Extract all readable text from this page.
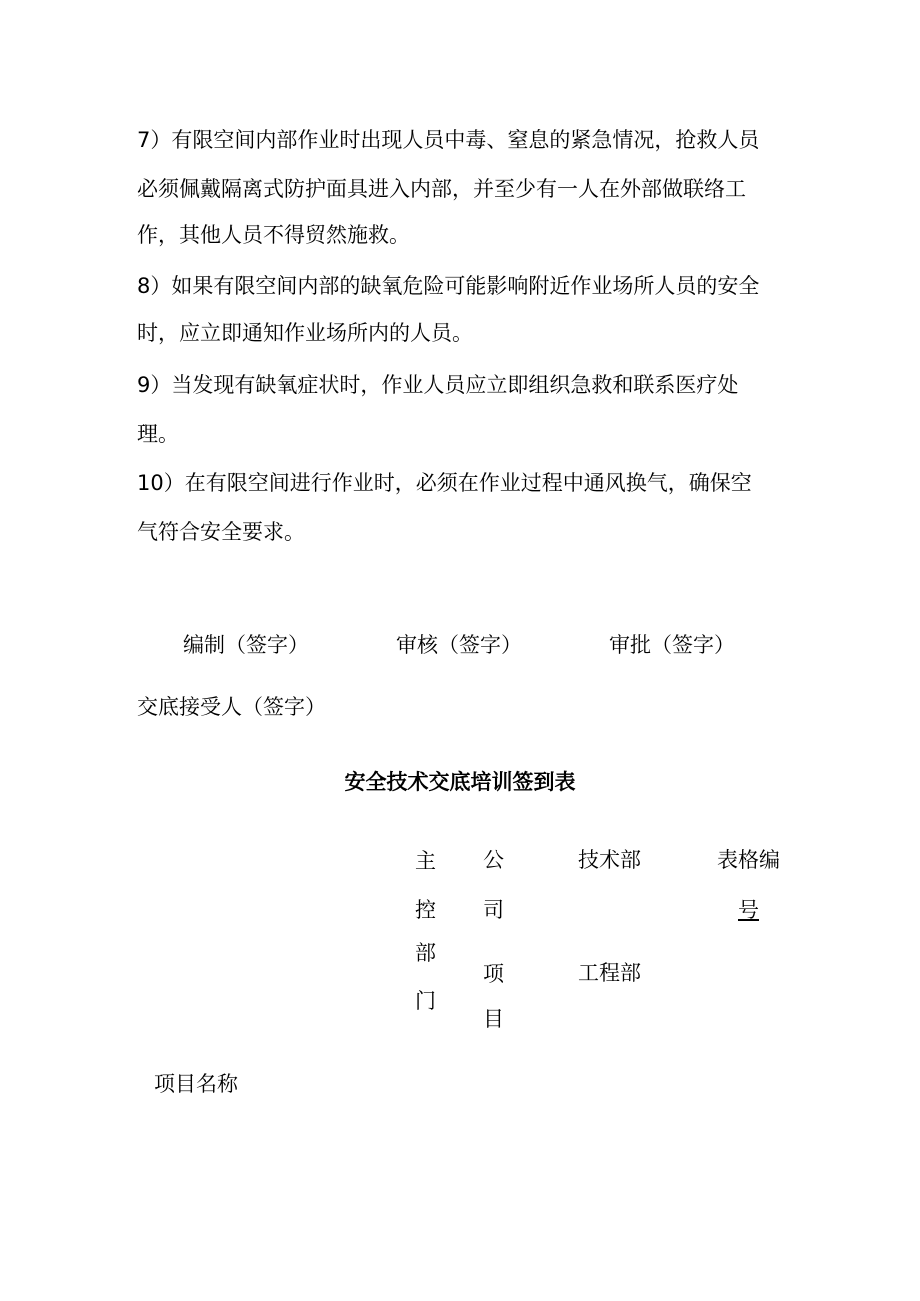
7）有限空间内部作业时出现人员中毒、窒息的紧急情况，抢救人员
必须佩戴隔离式防护面具进入内部，并至少有一人在外部做联络工
作，其他人员不得贸然施救。
8）如果有限空间内部的缺氧危险可能影响附近作业场所人员的安全
时，应立即通知作业场所内的人员。
9）当发现有缺氧症状时，作业人员应立即组织急救和联系医疗处
理。
10）在有限空间进行作业时，必须在作业过程中通风换气，确保空
气符合安全要求。
编制（签字）	审核（签字）	审批（签字）
交底接受人（签字）
安全技术交底培训签到表
主
控
部
门
公
司
项
目
技术部
工程部
表格编
号
项目名称
